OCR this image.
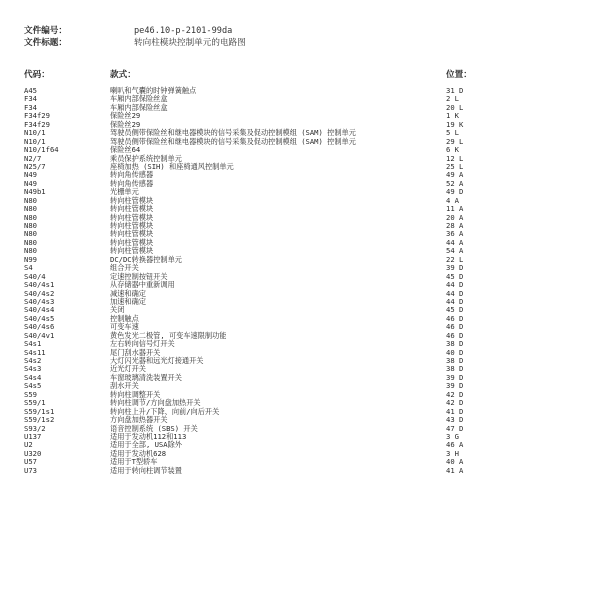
文件编号：	pe46.10-p-2101-99da
文件标题：	转向柱模块控制单元的电路图
代码：	款式：	位置：
A45	喇叭和气囊的时钟弹簧触点	31 D
F34	车厢内部保险丝盒	2 L
F34	车厢内部保险丝盒	20 L
F34f29	保险丝29	1 K
F34f29	保险丝29	19 K
N10/1	驾驶员侧带保险丝和继电器模块的信号采集及促动控制模组 (SAM) 控制单元	5 L
N10/1	驾驶员侧带保险丝和继电器模块的信号采集及促动控制模组 (SAM) 控制单元	29 L
N10/1f64	保险丝64	6 K
N2/7	乘员保护系统控制单元	12 L
N25/7	座椅加热 (SIH) 和座椅通风控制单元	25 L
N49	转向角传感器	49 A
N49	转向角传感器	52 A
N49b1	光栅单元	49 D
N80	转向柱管模块	4 A
N80	转向柱管模块	11 A
N80	转向柱管模块	20 A
N80	转向柱管模块	28 A
N80	转向柱管模块	36 A
N80	转向柱管模块	44 A
N80	转向柱管模块	54 A
N99	DC/DC转换器控制单元	22 L
S4	组合开关	39 D
S40/4	定速控制按钮开关	45 D
S40/4s1	从存储器中重新调用	44 D
S40/4s2	减速和确定	44 D
S40/4s3	加速和确定	44 D
S40/4s4	关闭	45 D
S40/4s5	控制触点	46 D
S40/4s6	可变车速	46 D
S40/4v1	黄色发光二极管, 可变车速限制功能	46 D
S4s1	左右转向信号灯开关	38 D
S4s11	尾门刮水器开关	40 D
S4s2	大灯闪光器和远光灯接通开关	38 D
S4s3	近光灯开关	38 D
S4s4	车窗玻璃清洗装置开关	39 D
S4s5	刮水开关	39 D
S59	转向柱调整开关	42 D
S59/1	转向柱调节/方向盘加热开关	42 D
S59/1s1	转向柱上升/下降、向前/向后开关	41 D
S59/1s2	方向盘加热器开关	43 D
S93/2	语音控制系统 (SBS) 开关	47 D
U137	适用于发动机112和113	3 G
U2	适用于全部, USA除外	46 A
U320	适用于发动机628	3 H
U57	适用于T型轿车	40 A
U73	适用于转向柱调节装置	41 A
